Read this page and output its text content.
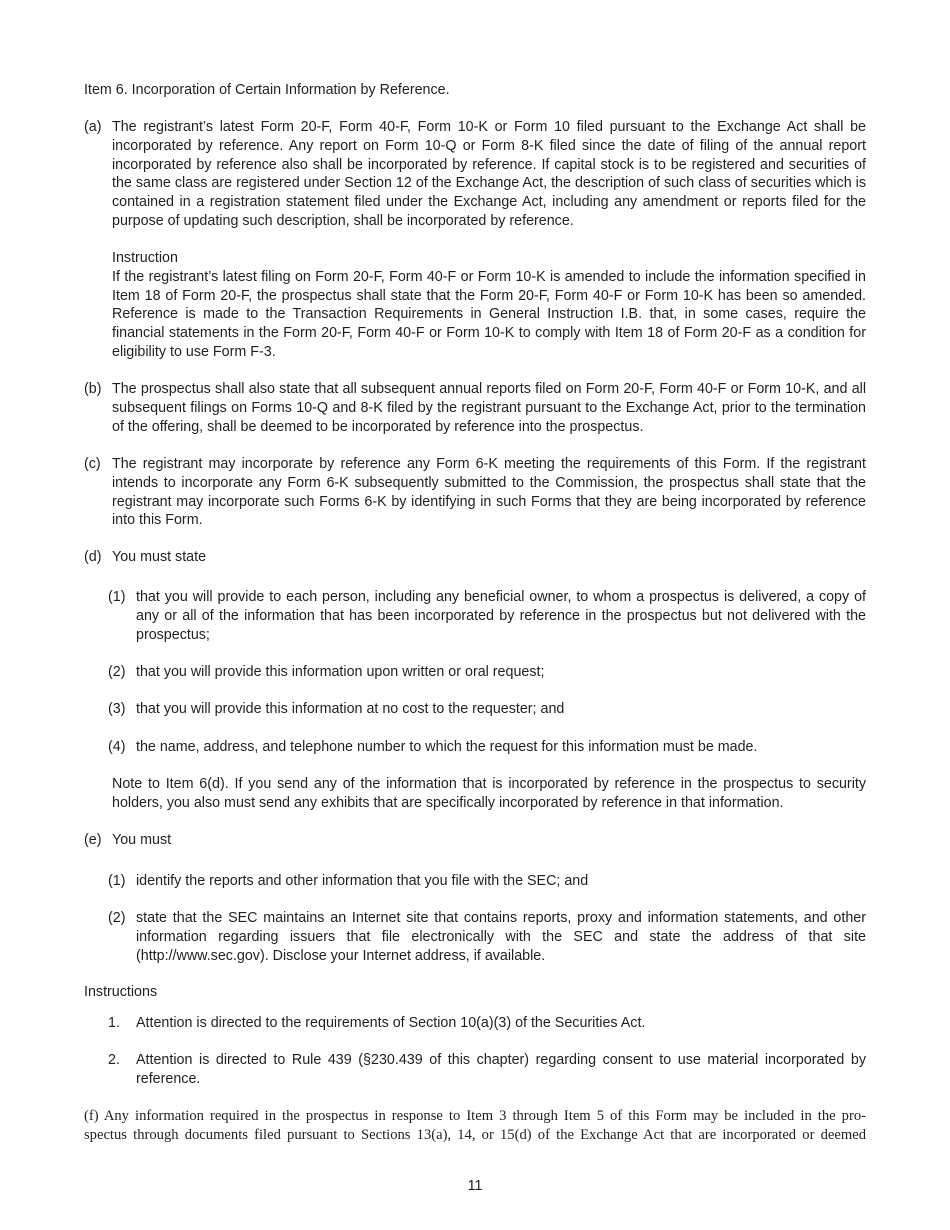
Item 6. Incorporation of Certain Information by Reference.
(a) The registrant’s latest Form 20-F, Form 40-F, Form 10-K or Form 10 filed pursuant to the Exchange Act shall be incorporated by reference. Any report on Form 10-Q or Form 8-K filed since the date of filing of the annual report incorporated by reference also shall be incorporated by reference. If capital stock is to be registered and securities of the same class are registered under Section 12 of the Exchange Act, the description of such class of securities which is contained in a registration statement filed under the Exchange Act, including any amendment or reports filed for the purpose of updating such description, shall be incorporated by reference.

Instruction

If the registrant’s latest filing on Form 20-F, Form 40-F or Form 10-K is amended to include the information specified in Item 18 of Form 20-F, the prospectus shall state that the Form 20-F, Form 40-F or Form 10-K has been so amended. Reference is made to the Transaction Requirements in General Instruction I.B. that, in some cases, require the financial statements in the Form 20-F, Form 40-F or Form 10-K to comply with Item 18 of Form 20-F as a condition for eligibility to use Form F-3.

(b) The prospectus shall also state that all subsequent annual reports filed on Form 20-F, Form 40-F or Form 10-K, and all subsequent filings on Forms 10-Q and 8-K filed by the registrant pursuant to the Exchange Act, prior to the termination of the offering, shall be deemed to be incorporated by reference into the prospectus.

(c) The registrant may incorporate by reference any Form 6-K meeting the requirements of this Form. If the registrant intends to incorporate any Form 6-K subsequently submitted to the Commission, the prospectus shall state that the registrant may incorporate such Forms 6-K by identifying in such Forms that they are being incorporated by reference into this Form.

(d) You must state

(1) that you will provide to each person, including any beneficial owner, to whom a prospectus is delivered, a copy of any or all of the information that has been incorporated by reference in the prospectus but not delivered with the prospectus;

(2) that you will provide this information upon written or oral request;

(3) that you will provide this information at no cost to the requester; and

(4) the name, address, and telephone number to which the request for this information must be made.

Note to Item 6(d). If you send any of the information that is incorporated by reference in the prospectus to security holders, you also must send any exhibits that are specifically incorporated by reference in that information.
(e) You must

(1) identify the reports and other information that you file with the SEC; and

(2) state that the SEC maintains an Internet site that contains reports, proxy and information statements, and other information regarding issuers that file electronically with the SEC and state the address of that site (http://www.sec.gov). Disclose your Internet address, if available.

Instructions
1. Attention is directed to the requirements of Section 10(a)(3) of the Securities Act.

2. Attention is directed to Rule 439 (§230.439 of this chapter) regarding consent to use material incorporated by reference.

(f) Any information required in the prospectus in response to Item 3 through Item 5 of this Form may be included in the pro-

spectus through documents filed pursuant to Sections 13(a), 14, or 15(d) of the Exchange Act that are incorporated or deemed

11
